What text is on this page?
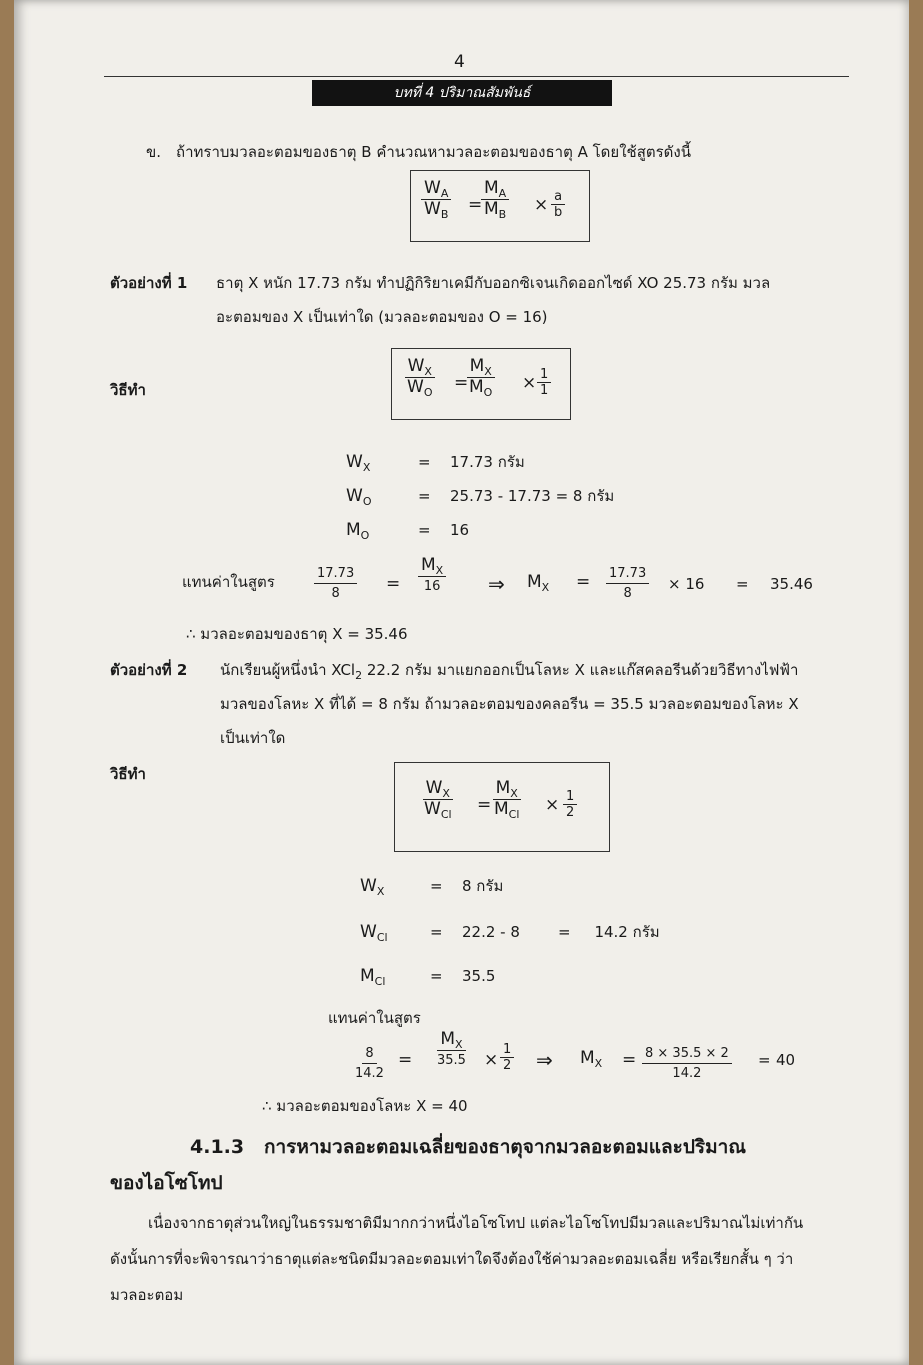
4
บทที่ 4 ปริมาณสัมพันธ์
ข. ถ้าทราบมวลอะตอมของธาตุ B คำนวณหามวลอะตอมของธาตุ A โดยใช้สูตรดังนี้
$\frac{W_A}{W_B}$ =
$\frac{M_A}{M_B} \times \frac{a}{b}$
ตัวอย่างที่ 1 ธาตุ X หนัก 17.73 กรัม ทำปฏิกิริยาเคมีกับออกซิเจนเกิดออกไซด์ XO 25.73 กรัม มวล
อะตอมของ X เป็นเท่าใด (มวลอะตอมของ O = 16)
วิธีทำ	$\frac{W_X}{W_O}$ =
$\frac{M_X}{M_O} \times \frac{1}{1}$
$W_X$	= 17.73 กรัม
$W_O$	= 25.73 - 17.73 = 8 กรัม
$M_O$	= 16
แทนค่าในสูตร	$\frac{17.73}{8}$ =
$M_X$
16 ⇒ $M_X = \frac{17.73}{8} \times 16 = 35.46$
∴ มวลอะตอมของธาตุ X = 35.46
ตัวอย่างที่ 2 นักเรียนผู้หนึ่งนำ XCl$_2$ 22.2 กรัม มาแยกออกเป็นโลหะ X และแก๊สคลอรีนด้วยวิธีทางไฟฟ้า
มวลของโลหะ X ที่ได้ = 8 กรัม ถ้ามวลอะตอมของคลอรีน = 35.5 มวลอะตอมของโลหะ X
เป็นเท่าใด
วิธีทำ
$W_X$
$W_{Cl}$ =
$M_X$
$M_{Cl} \times \frac{1}{2}$
$W_X$	= 8 กรัม
$W_{Cl}$	= 22.2 - 8        =     14.2 กรัม
$M_{Cl}$	= 35.5
แทนค่าในสูตร
$\frac{8}{14.2}$ =
$M_X$
$35.5 \times \frac{1}{2}$ ⇒ $M_X = \frac{8 \times 35.5 \times 2}{14.2} = 40$
∴ มวลอะตอมของโลหะ X = 40
4.1.3   การหามวลอะตอมเฉลี่ยของธาตุจากมวลอะตอมและปริมาณ
ของไอโซโทป
เนื่องจากธาตุส่วนใหญ่ในธรรมชาติมีมากกว่าหนึ่งไอโซโทป แต่ละไอโซโทปมีมวลและปริมาณไม่เท่ากัน
ดังนั้นการที่จะพิจารณาว่าธาตุแต่ละชนิดมีมวลอะตอมเท่าใดจึงต้องใช้ค่ามวลอะตอมเฉลี่ย หรือเรียกสั้น ๆ ว่า
มวลอะตอม
